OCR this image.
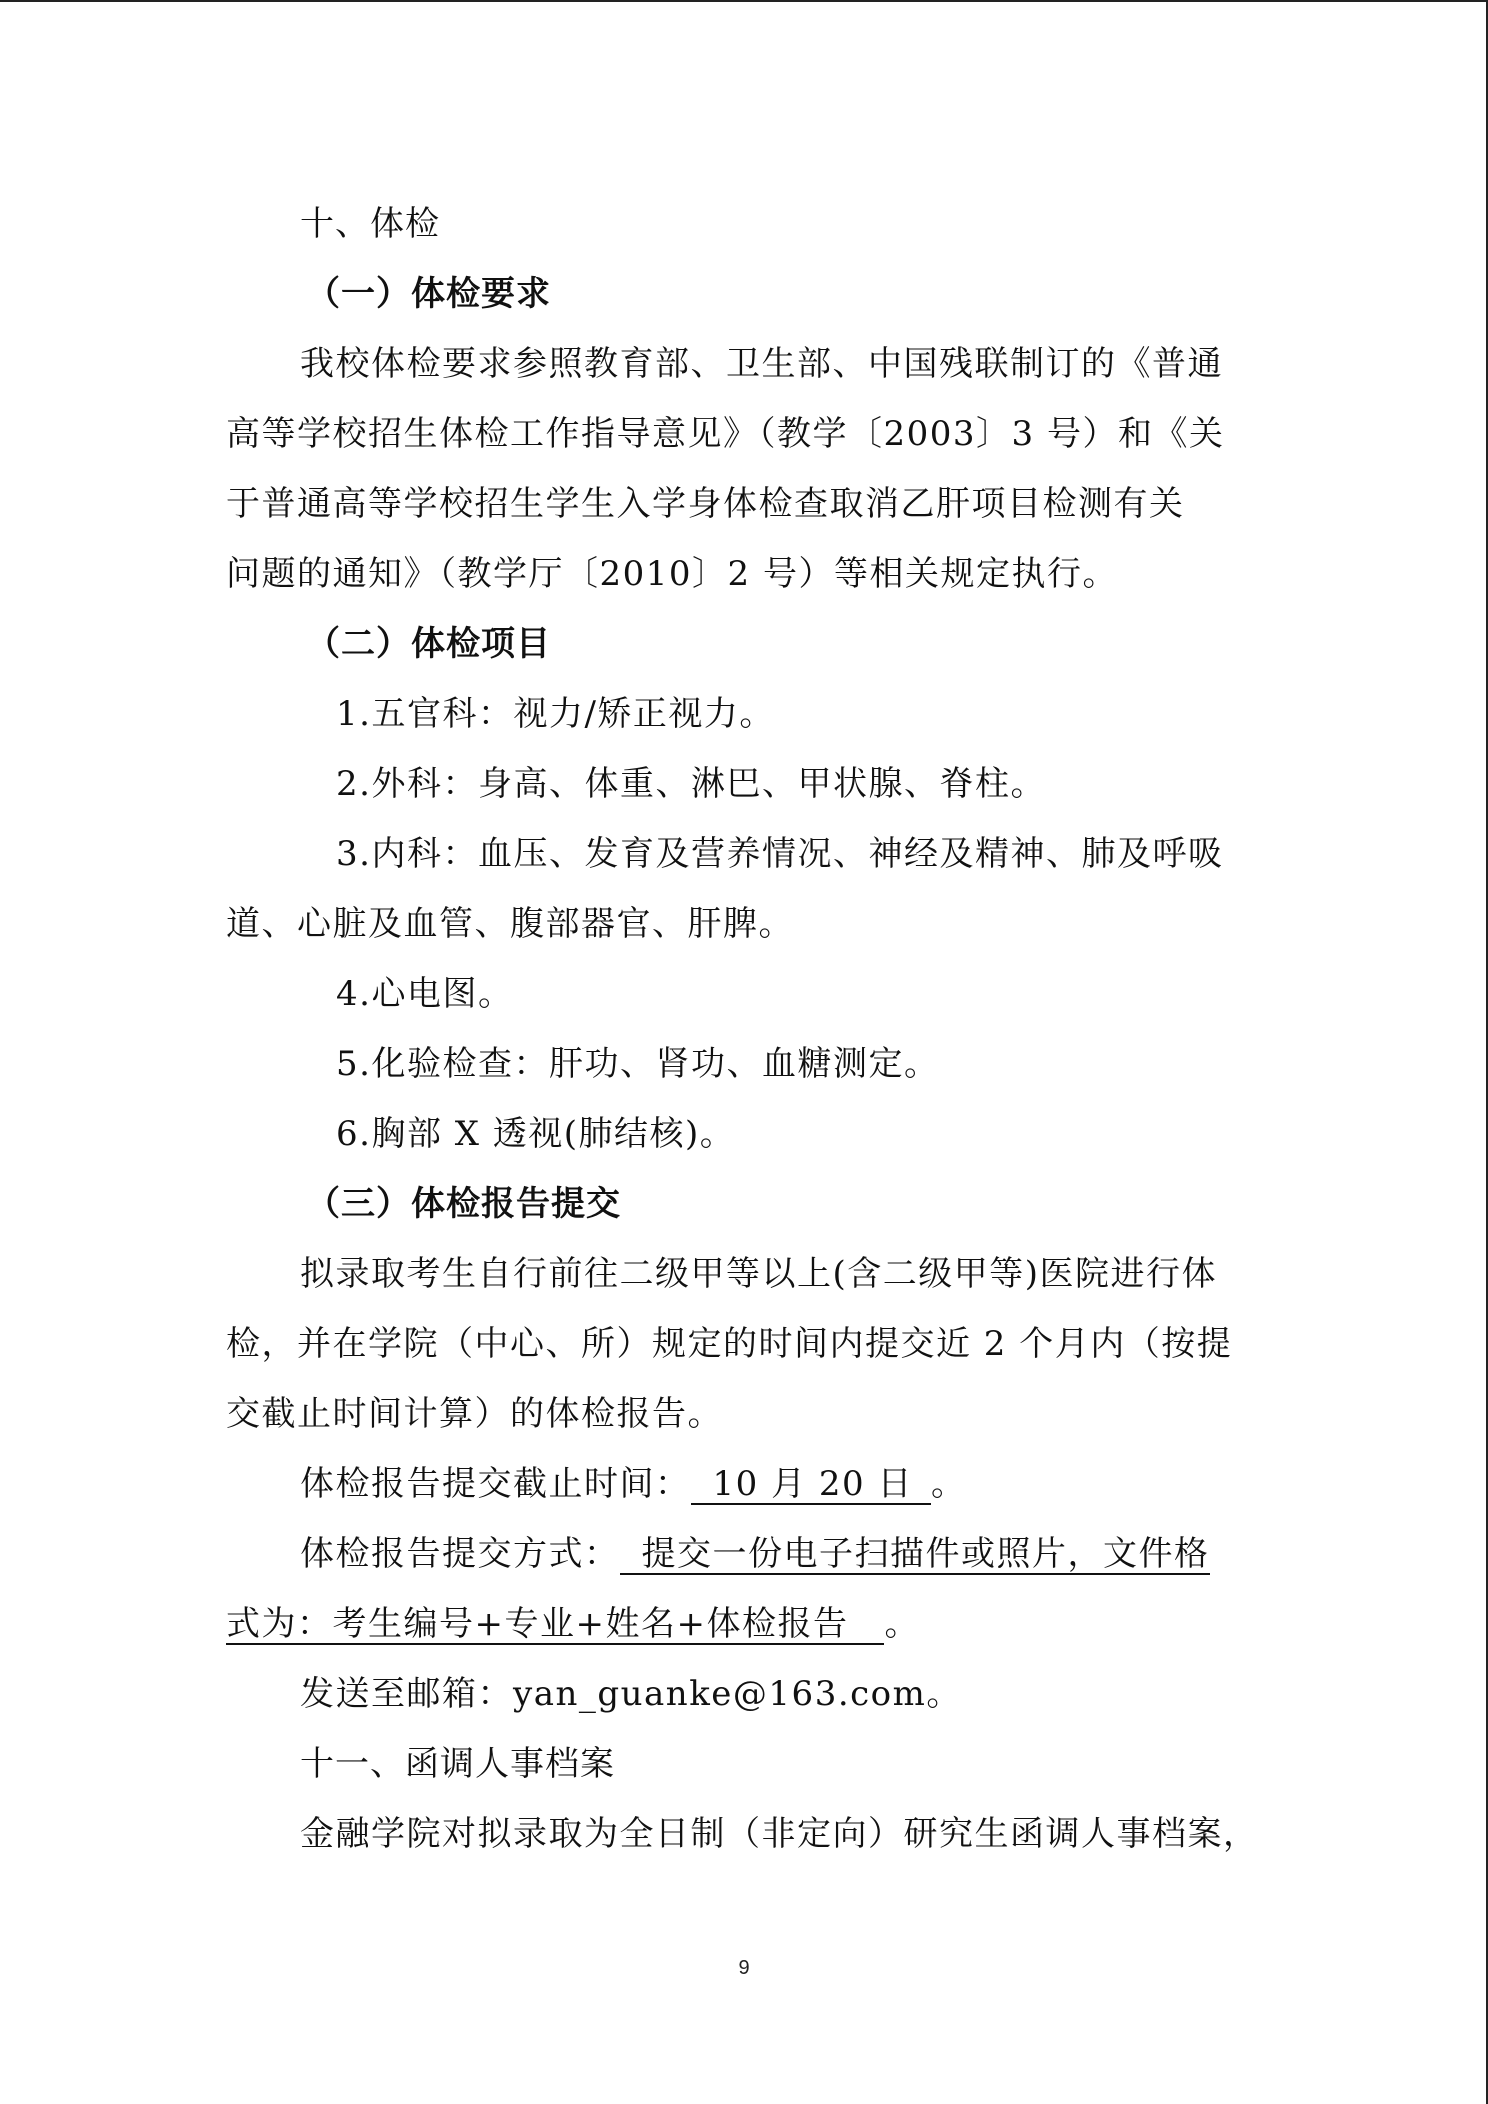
十、体检
（一）体检要求
我校体检要求参照教育部、卫生部、中国残联制订的《普通
高等学校招生体检工作指导意见》（教学〔2003〕3 号）和《关
于普通高等学校招生学生入学身体检查取消乙肝项目检测有关
问题的通知》（教学厅〔2010〕2 号）等相关规定执行。
（二）体检项目
1.五官科：视力/矫正视力。
2.外科：身高、体重、淋巴、甲状腺、脊柱。
3.内科：血压、发育及营养情况、神经及精神、肺及呼吸
道、心脏及血管、腹部器官、肝脾。
4.心电图。
5.化验检查：肝功、肾功、血糖测定。
6.胸部 X 透视(肺结核)。
（三）体检报告提交
拟录取考生自行前往二级甲等以上(含二级甲等)医院进行体
检，并在学院（中心、所）规定的时间内提交近 2 个月内（按提
交截止时间计算）的体检报告。
体检报告提交截止时间： 10 月 20 日 。
体检报告提交方式： 提交一份电子扫描件或照片，文件格
式为：考生编号+专业+姓名+体检报告 。
发送至邮箱：yan_guanke@163.com。
十一、函调人事档案
金融学院对拟录取为全日制（非定向）研究生函调人事档案，
9
